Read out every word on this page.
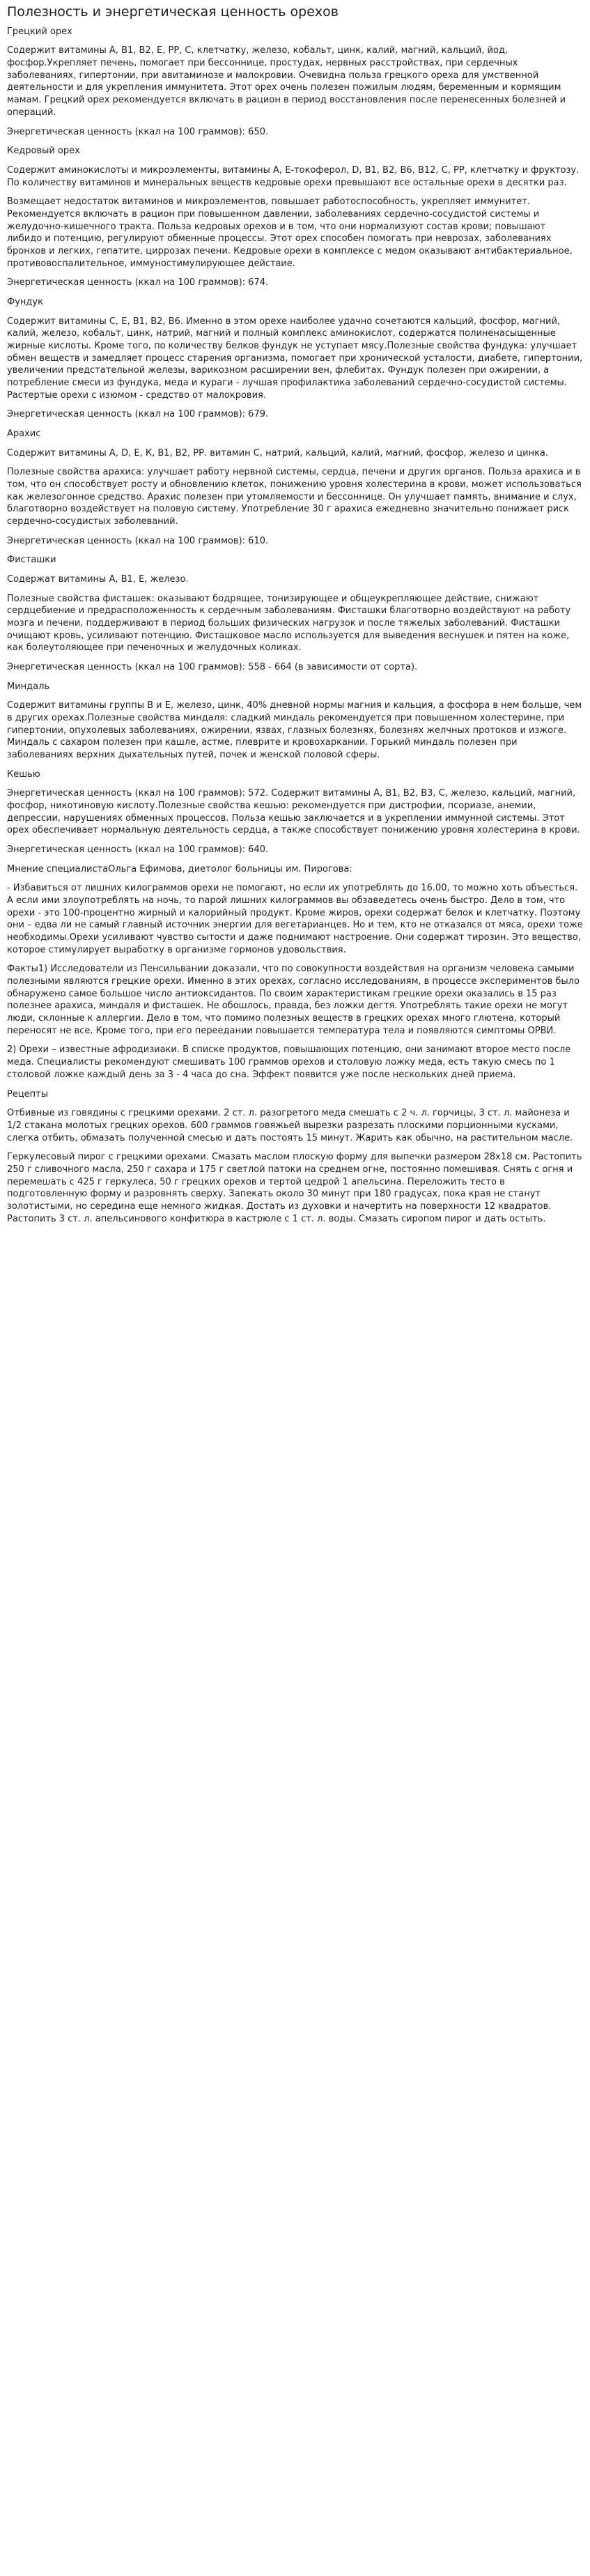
Полезность и энергетическая ценность орехов
Грецкий орех

Содержит витамины А, В1, В2, Е, РР, С, клетчатку, железо, кобальт, цинк, калий, магний, кальций, йод, фосфор.Укрепляет печень, помогает при бессоннице, простудах, нервных расстройствах, при сердечных заболеваниях, гипертонии, при авитаминозе и малокровии. Очевидна польза грецкого ореха для умственной деятельности и для укрепления иммунитета. Этот орех очень полезен пожилым людям, беременным и кормящим мамам. Грецкий орех рекомендуется включать в рацион в период восстановления после перенесенных болезней и операций.

Энергетическая ценность (ккал на 100 граммов): 650.

Кедровый орех

Содержит аминокислоты и микроэлементы, витамины А, Е-токоферол, D, В1, В2, В6, В12, С, РР, клетчатку и фруктозу. По количеству витаминов и минеральных веществ кедровые орехи превышают все остальные орехи в десятки раз.

Возмещает недостаток витаминов и микроэлементов, повышает работоспособность, укрепляет иммунитет. Рекомендуется включать в рацион при повышенном давлении, заболеваниях сердечно-сосудистой системы и желудочно-кишечного тракта. Польза кедровых орехов и в том, что они нормализуют состав крови; повышают либидо и потенцию, регулируют обменные процессы. Этот орех способен помогать при неврозах, заболеваниях бронхов и легких, гепатите, циррозах печени. Кедровые орехи в комплексе с медом оказывают антибактериальное, противовоспалительное, иммуностимулирующее действие.

Энергетическая ценность (ккал на 100 граммов): 674.

Фундук

Содержит витамины С, Е, В1, В2, В6. Именно в этом орехе наиболее удачно сочетаются кальций, фосфор, магний, калий, железо, кобальт, цинк, натрий, магний и полный комплекс аминокислот, содержатся полиненасыщенные жирные кислоты. Кроме того, по количеству белков фундук не уступает мясу.Полезные свойства фундука: улучшает обмен веществ и замедляет процесс старения организма, помогает при хронической усталости, диабете, гипертонии, увеличении предстательной железы, варикозном расширении вен, флебитах. Фундук полезен при ожирении, а потребление смеси из фундука, меда и кураги - лучшая профилактика заболеваний сердечно-сосудистой системы. Растертые орехи с изюмом - средство от малокровия.

Энергетическая ценность (ккал на 100 граммов): 679.

Арахис

Содержит витамины А, D, Е, К, В1, В2, РР. витамин С, натрий, кальций, калий, магний, фосфор, железо и цинка.

Полезные свойства арахиса: улучшает работу нервной системы, сердца, печени и других органов. Польза арахиса и в том, что он способствует росту и обновлению клеток, понижению уровня холестерина в крови, может использоваться как железогонное средство. Арахис полезен при утомляемости и бессоннице. Он улучшает память, внимание и слух, благотворно воздействует на половую систему. Употребление 30 г арахиса ежедневно значительно понижает риск сердечно-сосудистых заболеваний.

Энергетическая ценность (ккал на 100 граммов): 610.

Фисташки

Содержат витамины А, В1, Е, железо.

Полезные свойства фисташек: оказывают бодрящее, тонизирующее и общеукрепляющее действие, снижают сердцебиение и предрасположенность к сердечным заболеваниям. Фисташки благотворно воздействуют на работу мозга и печени, поддерживают в период больших физических нагрузок и после тяжелых заболеваний. Фисташки очищают кровь, усиливают потенцию. Фисташковое масло используется для выведения веснушек и пятен на коже, как болеутоляющее при печеночных и желудочных коликах.

Энергетическая ценность (ккал на 100 граммов): 558 - 664 (в зависимости от сорта).

Миндаль

Содержит витамины группы В и Е, железо, цинк, 40% дневной нормы магния и кальция, а фосфора в нем больше, чем в других орехах.Полезные свойства миндаля: сладкий миндаль рекомендуется при повышенном холестерине, при гипертонии, опухолевых заболеваниях, ожирении, язвах, глазных болезнях, болезнях желчных протоков и изжоге. Миндаль с сахаром полезен при кашле, астме, плеврите и кровохаркании. Горький миндаль полезен при заболеваниях верхних дыхательных путей, почек и женской половой сферы.

Кешью

Энергетическая ценность (ккал на 100 граммов): 572. Содержит витамины А, В1, В2, В3, С, железо, кальций, магний, фосфор, никотиновую кислоту.Полезные свойства кешью: рекомендуется при дистрофии, псориазе, анемии, депрессии, нарушениях обменных процессов. Польза кешью заключается и в укреплении иммунной системы. Этот орех обеспечивает нормальную деятельность сердца, а также способствует понижению уровня холестерина в крови.

Энергетическая ценность (ккал на 100 граммов): 640.

Мнение специалистаОльга Ефимова, диетолог больницы им. Пирогова:

- Избавиться от лишних килограммов орехи не помогают, но если их употреблять до 16.00, то можно хоть объесться. А если ими злоупотреблять на ночь, то парой лишних килограммов вы обзаведетесь очень быстро. Дело в том, что орехи - это 100-процентно жирный и калорийный продукт. Кроме жиров, орехи содержат белок и клетчатку. Поэтому они – едва ли не самый главный источник энергии для вегетарианцев. Но и тем, кто не отказался от мяса, орехи тоже необходимы.Орехи усиливают чувство сытости и даже поднимают настроение. Они содержат тирозин. Это вещество, которое стимулирует выработку в организме гормонов удовольствия.

Факты1) Исследователи из Пенсильвании доказали, что по совокупности воздействия на организм человека самыми полезными являются грецкие орехи. Именно в этих орехах, согласно исследованиям, в процессе экспериментов было обнаружено самое большое число антиоксидантов. По своим характеристикам грецкие орехи оказались в 15 раз полезнее арахиса, миндаля и фисташек. Не обошлось, правда, без ложки дегтя. Употреблять такие орехи не могут люди, склонные к аллергии. Дело в том, что помимо полезных веществ в грецких орехах много глютена, который переносят не все. Кроме того, при его переедании повышается температура тела и появляются симптомы ОРВИ.

2) Орехи – известные афродизиаки. В списке продуктов, повышающих потенцию, они занимают второе место после меда. Специалисты рекомендуют смешивать 100 граммов орехов и столовую ложку меда, есть такую смесь по 1 столовой ложке каждый день за 3 - 4 часа до сна. Эффект появится уже после нескольких дней приема.

Рецепты

Отбивные из говядины с грецкими орехами. 2 ст. л. разогретого меда смешать с 2 ч. л. горчицы, 3 ст. л. майонеза и 1/2 стакана молотых грецких орехов. 600 граммов говяжьей вырезки разрезать плоскими порционными кусками, слегка отбить, обмазать полученной смесью и дать постоять 15 минут. Жарить как обычно, на растительном масле.

Геркулесовый пирог с грецкими орехами. Смазать маслом плоскую форму для выпечки размером 28х18 см. Растопить 250 г сливочного масла, 250 г сахара и 175 г светлой патоки на среднем огне, постоянно помешивая. Снять с огня и перемешать с 425 г геркулеса, 50 г грецких орехов и тертой цедрой 1 апельсина. Переложить тесто в подготовленную форму и разровнять сверху. Запекать около 30 минут при 180 градусах, пока края не станут золотистыми, но середина еще немного жидкая. Достать из духовки и начертить на поверхности 12 квадратов. Растопить 3 ст. л. апельсинового конфитюра в кастрюле с 1 ст. л. воды. Смазать сиропом пирог и дать остыть.
